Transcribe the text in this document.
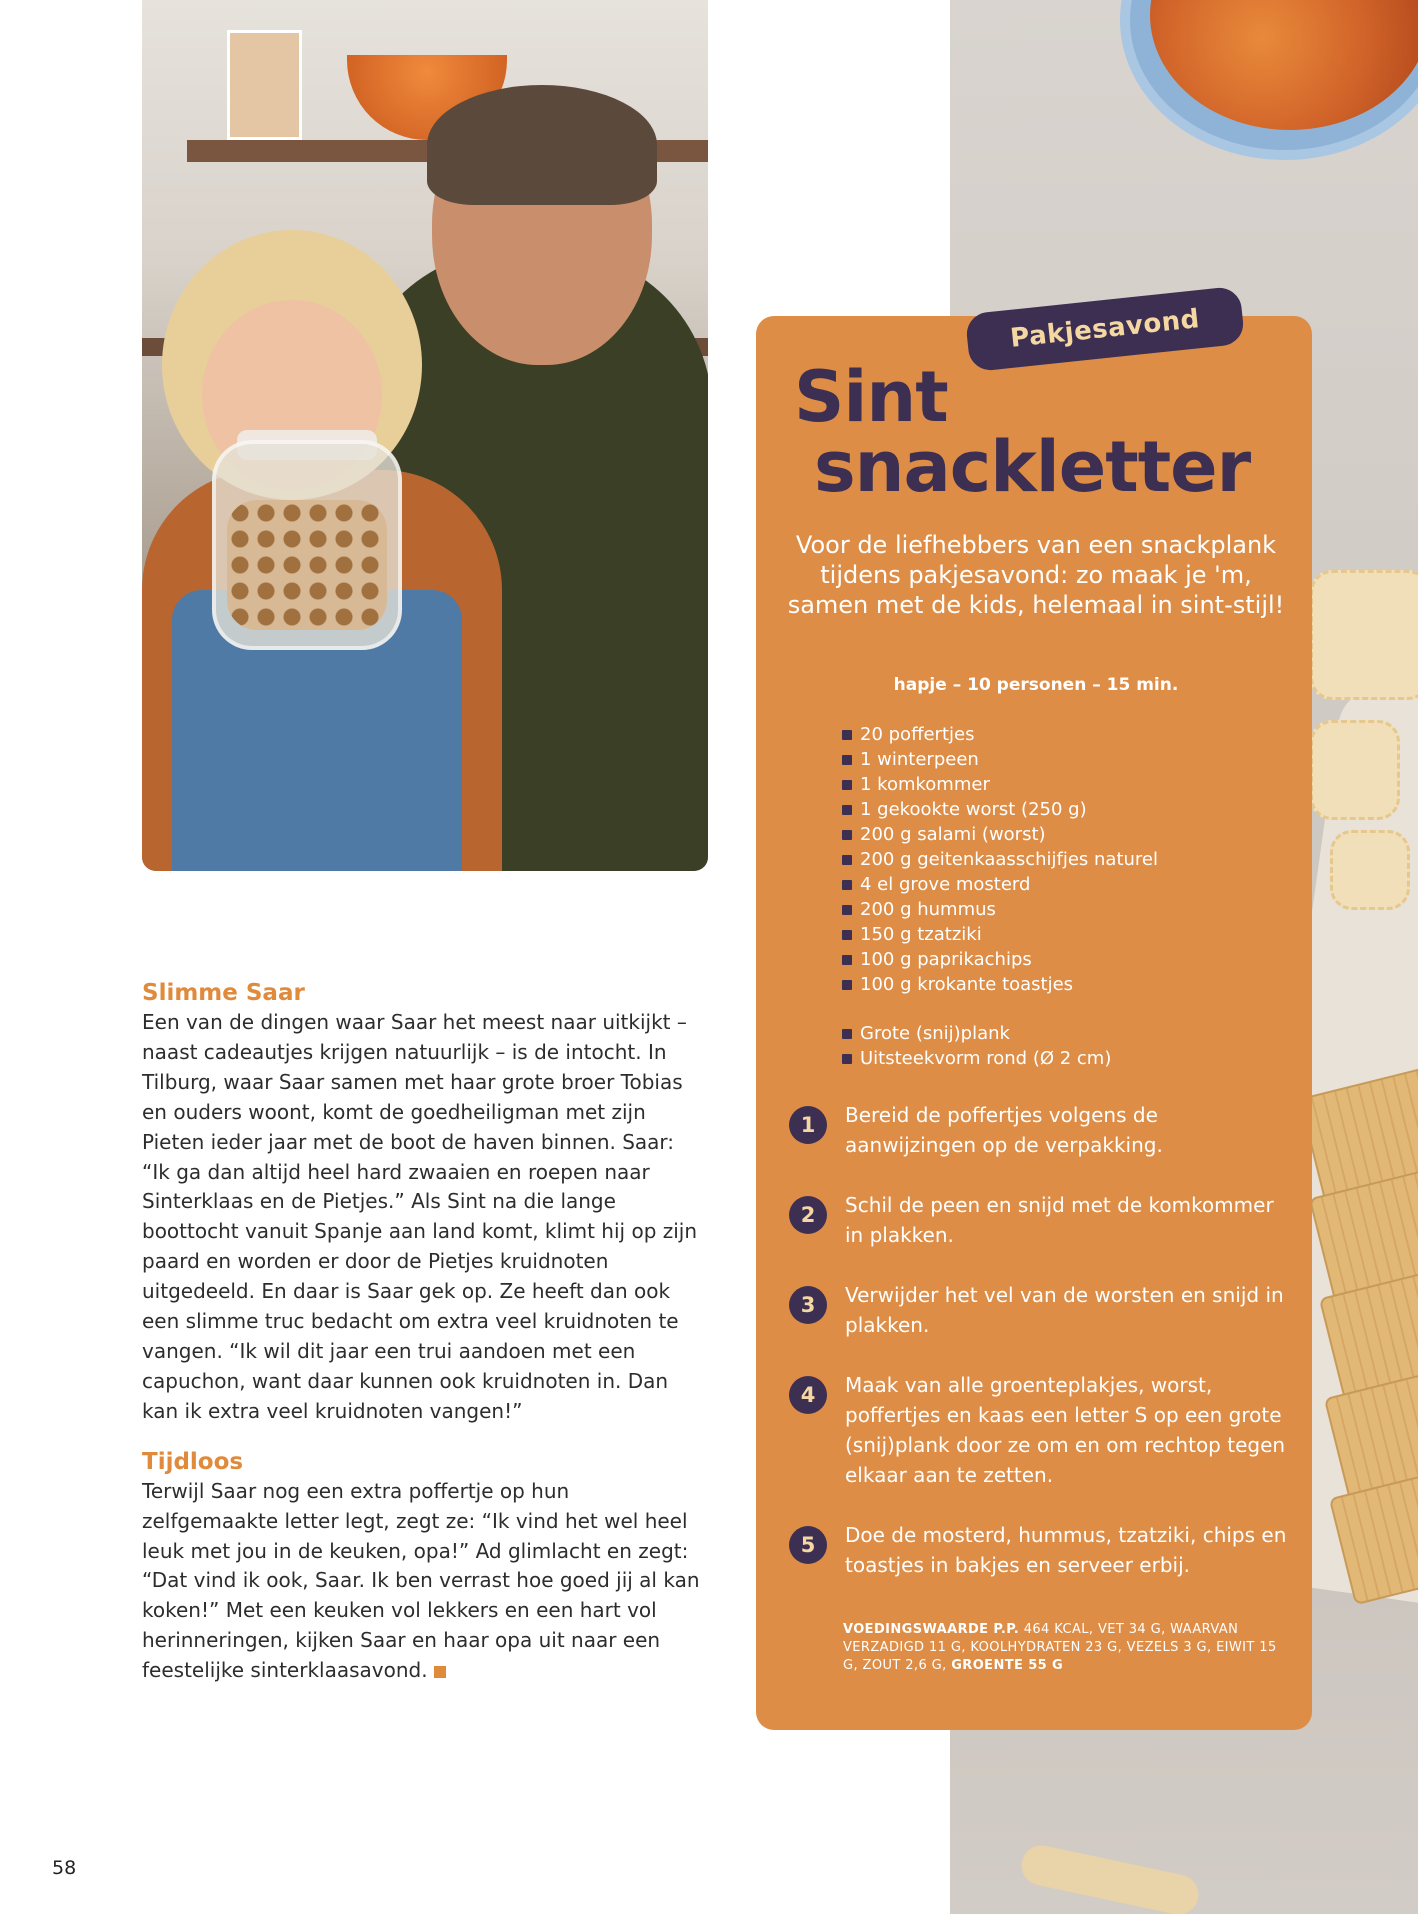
Slimme Saar

Een van de dingen waar Saar het meest naar uitkijkt – naast cadeautjes krijgen natuurlijk – is de intocht. In Tilburg, waar Saar samen met haar grote broer Tobias en ouders woont, komt de goedheiligman met zijn Pieten ieder jaar met de boot de haven binnen. Saar: “Ik ga dan altijd heel hard zwaaien en roepen naar Sinterklaas en de Pietjes.” Als Sint na die lange boottocht vanuit Spanje aan land komt, klimt hij op zijn paard en worden er door de Pietjes kruidnoten uitgedeeld. En daar is Saar gek op. Ze heeft dan ook een slimme truc bedacht om extra veel kruidnoten te vangen. “Ik wil dit jaar een trui aandoen met een capuchon, want daar kunnen ook kruidnoten in. Dan kan ik extra veel kruidnoten vangen!”

Tijdloos

Terwijl Saar nog een extra poffertje op hun zelfgemaakte letter legt, zegt ze: “Ik vind het wel heel leuk met jou in de keuken, opa!” Ad glimlacht en zegt: “Dat vind ik ook, Saar. Ik ben verrast hoe goed jij al kan koken!” Met een keuken vol lekkers en een hart vol herinneringen, kijken Saar en haar opa uit naar een feestelijke sinterklaasavond.

58
Pakjesavond
Sint
snackletter

Voor de liefhebbers van een snackplank tijdens pakjesavond: zo maak je 'm, samen met de kids, helemaal in sint-stijl!

hapje – 10 personen – 15 min.

20 poffertjes
1 winterpeen
1 komkommer
1 gekookte worst (250 g)
200 g salami (worst)
200 g geitenkaasschijfjes naturel
4 el grove mosterd
200 g hummus
150 g tzatziki
100 g paprikachips
100 g krokante toastjes
Grote (snij)plank
Uitsteekvorm rond (Ø 2 cm)
1	Bereid de poffertjes volgens de aanwijzingen op de verpakking.
2	Schil de peen en snijd met de komkommer in plakken.
3	Verwijder het vel van de worsten en snijd in plakken.
4	Maak van alle groenteplakjes, worst, poffertjes en kaas een letter S op een grote (snij)plank door ze om en om rechtop tegen elkaar aan te zetten.
5	Doe de mosterd, hummus, tzatziki, chips en toastjes in bakjes en serveer erbij.

VOEDINGSWAARDE P.P. 464 KCAL, VET 34 G, WAARVAN VERZADIGD 11 G, KOOLHYDRATEN 23 G, VEZELS 3 G, EIWIT 15 G, ZOUT 2,6 G, GROENTE 55 G
